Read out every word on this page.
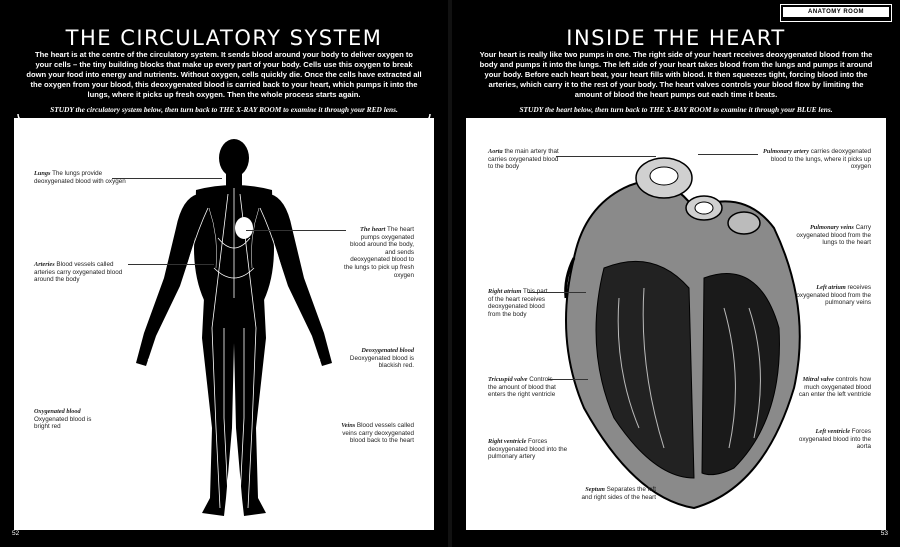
THE CIRCULATORY SYSTEM

The heart is at the centre of the circulatory system. It sends blood around your body to deliver oxygen to your cells – the tiny building blocks that make up every part of your body. Cells use this oxygen to break down your food into energy and nutrients. Without oxygen, cells quickly die. Once the cells have extracted all the oxygen from your blood, this deoxygenated blood is carried back to your heart, which pumps it into the lungs, where it picks up fresh oxygen. Then the whole process starts again.

STUDY the circulatory system below, then turn back to THE X-RAY ROOM to examine it through your RED lens.

Lungs The lungs provide deoxygenated blood with oxygen
The heart The heart pumps oxygenated blood around the body, and sends deoxygenated blood to the lungs to pick up fresh oxygen
Arteries Blood vessels called arteries carry oxygenated blood around the body
Deoxygenated blood Deoxygenated blood is blackish red.
Oxygenated blood Oxygenated blood is bright red	Veins Blood vessels called veins carry deoxygenated blood back to the heart
52
ANATOMY ROOM
INSIDE THE HEART

Your heart is really like two pumps in one. The right side of your heart receives deoxygenated blood from the body and pumps it into the lungs. The left side of your heart takes blood from the lungs and pumps it around your body. Before each heart beat, your heart fills with blood. It then squeezes tight, forcing blood into the arteries, which carry it to the rest of your body. The heart valves controls your blood flow by limiting the amount of blood the heart pumps out each time it beats.

STUDY the heart below, then turn back to THE X-RAY ROOM to examine it through your BLUE lens.

Aorta the main artery that carries oxygenated blood to the body
Pulmonary artery carries deoxygenated blood to the lungs, where it picks up oxygen
Pulmonary veins Carry oxygenated blood from the lungs to the heart
Right atrium This part of the heart receives deoxygenated blood from the body
Left atrium receives oxygenated blood from the pulmonary veins
Tricuspid valve Controls the amount of blood that enters the right ventricle
Mitral valve controls how much oxygenated blood can enter the left ventricle
Right ventricle Forces deoxygenated blood into the pulmonary artery
Left ventricle Forces oxygenated blood into the aorta
Septum Separates the left and right sides of the heart
53
